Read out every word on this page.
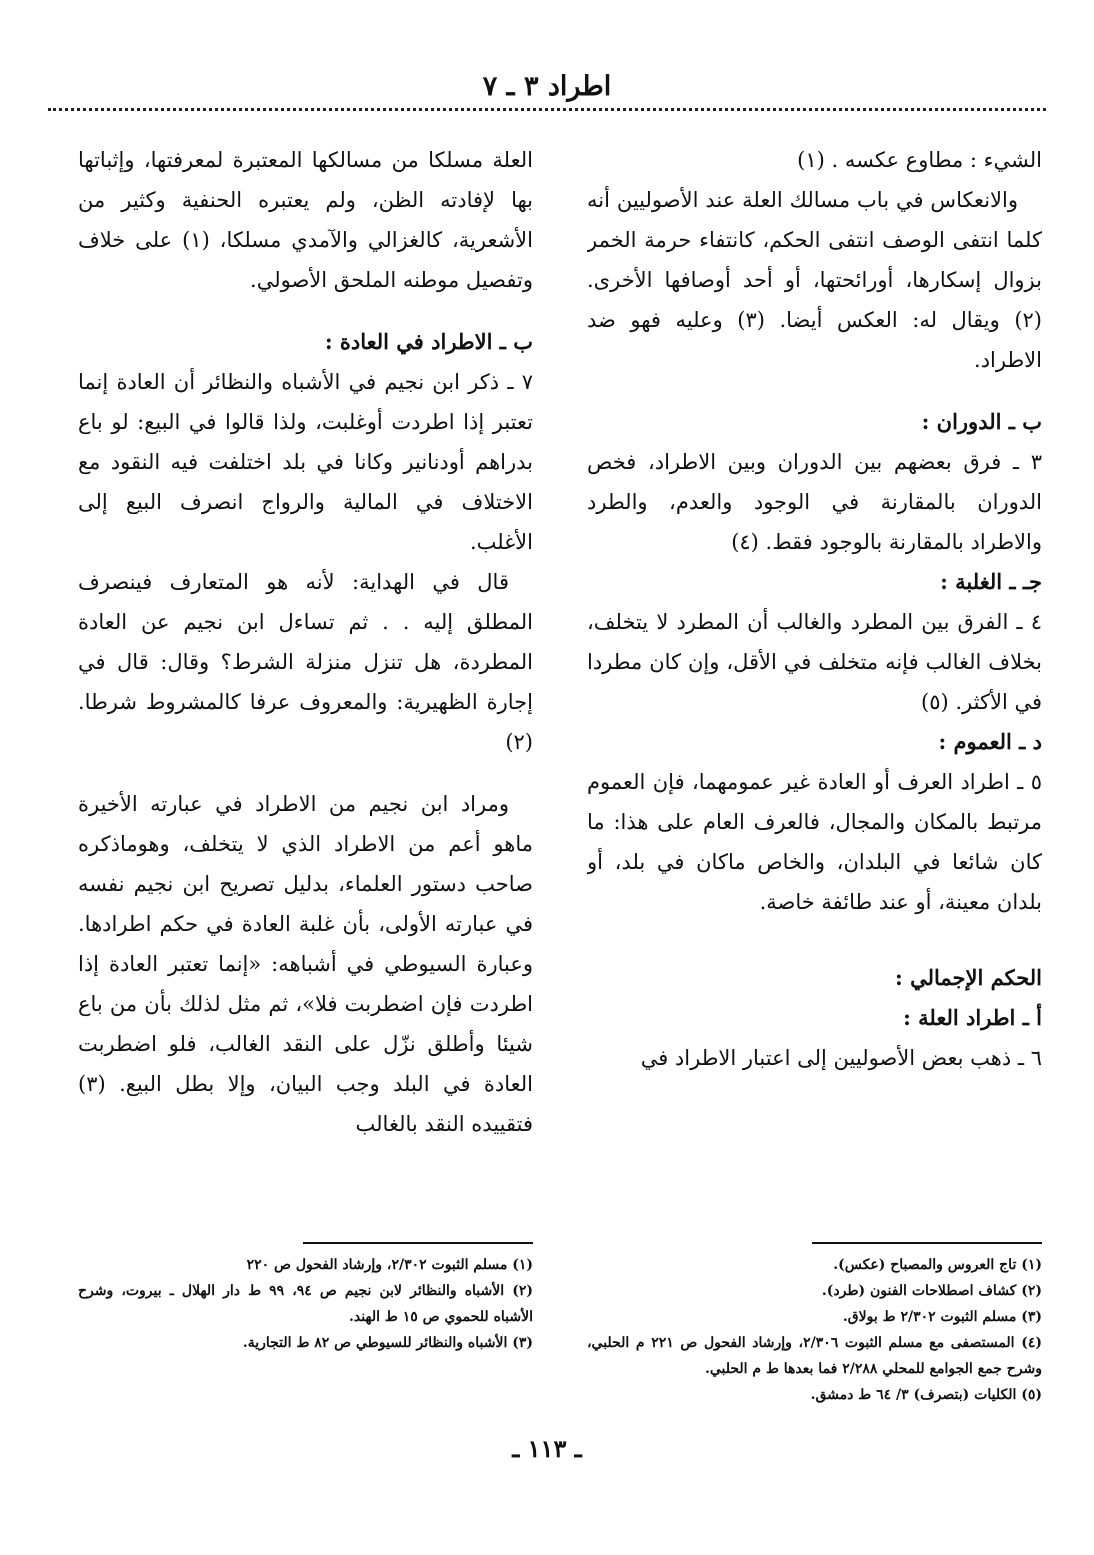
اطراد ٣ ـ ٧

الشيء : مطاوع عكسه . (١)

والانعكاس في باب مسالك العلة عند الأصوليين أنه كلما انتفى الوصف انتفى الحكم، كانتفاء حرمة الخمر بزوال إسكارها، أورائحتها، أو أحد أوصافها الأخرى. (٢) ويقال له: العكس أيضا. (٣) وعليه فهو ضد الاطراد.

ب ـ الدوران :

٣ ـ فرق بعضهم بين الدوران وبين الاطراد، فخص الدوران بالمقارنة في الوجود والعدم، والطرد والاطراد بالمقارنة بالوجود فقط. (٤)

جـ ـ الغلبة :

٤ ـ الفرق بين المطرد والغالب أن المطرد لا يتخلف، بخلاف الغالب فإنه متخلف في الأقل، وإن كان مطردا في الأكثر. (٥)

د ـ العموم :

٥ ـ اطراد العرف أو العادة غير عمومهما، فإن العموم مرتبط بالمكان والمجال، فالعرف العام على هذا: ما كان شائعا في البلدان، والخاص ماكان في بلد، أو بلدان معينة، أو عند طائفة خاصة.

الحكم الإجمالي :
أ ـ اطراد العلة :

٦ ـ ذهب بعض الأصوليين إلى اعتبار الاطراد في

(١) تاج العروس والمصباح (عكس).

(٢) كشاف اصطلاحات الفنون (طرد).

(٣) مسلم الثبوت ٢/٣٠٢ ط بولاق.

(٤) المستصفى مع مسلم الثبوت ٢/٣٠٦، وإرشاد الفحول ص ٢٢١ م الحلبي، وشرح جمع الجوامع للمحلي ٢/٢٨٨ فما بعدها ط م الحلبي.

(٥) الكليات (بتصرف) ٣/ ٦٤ ط دمشق.

العلة مسلكا من مسالكها المعتبرة لمعرفتها، وإثباتها بها لإفادته الظن، ولم يعتبره الحنفية وكثير من الأشعرية، كالغزالي والآمدي مسلكا، (١) على خلاف وتفصيل موطنه الملحق الأصولي.

ب ـ الاطراد في العادة :

٧ ـ ذكر ابن نجيم في الأشباه والنظائر أن العادة إنما تعتبر إذا اطردت أوغلبت، ولذا قالوا في البيع: لو باع بدراهم أودنانير وكانا في بلد اختلفت فيه النقود مع الاختلاف في المالية والرواج انصرف البيع إلى الأغلب.

قال في الهداية: لأنه هو المتعارف فينصرف المطلق إليه . . ثم تساءل ابن نجيم عن العادة المطردة، هل تنزل منزلة الشرط؟ وقال: قال في إجارة الظهيرية: والمعروف عرفا كالمشروط شرطا. (٢)

ومراد ابن نجيم من الاطراد في عبارته الأخيرة ماهو أعم من الاطراد الذي لا يتخلف، وهوماذكره صاحب دستور العلماء، بدليل تصريح ابن نجيم نفسه في عبارته الأولى، بأن غلبة العادة في حكم اطرادها. وعبارة السيوطي في أشباهه: «إنما تعتبر العادة إذا اطردت فإن اضطربت فلا»، ثم مثل لذلك بأن من باع شيئا وأطلق نزّل على النقد الغالب، فلو اضطربت العادة في البلد وجب البيان، وإلا بطل البيع. (٣) فتقييده النقد بالغالب

(١) مسلم الثبوت ٢/٣٠٢، وإرشاد الفحول ص ٢٢٠

(٢) الأشباه والنظائر لابن نجيم ص ٩٤، ٩٩ ط دار الهلال ـ بيروت، وشرح الأشباه للحموي ص ١٥ ط الهند.

(٣) الأشباه والنظائر للسيوطي ص ٨٢ ط التجارية.

ـ ١١٣ ـ
